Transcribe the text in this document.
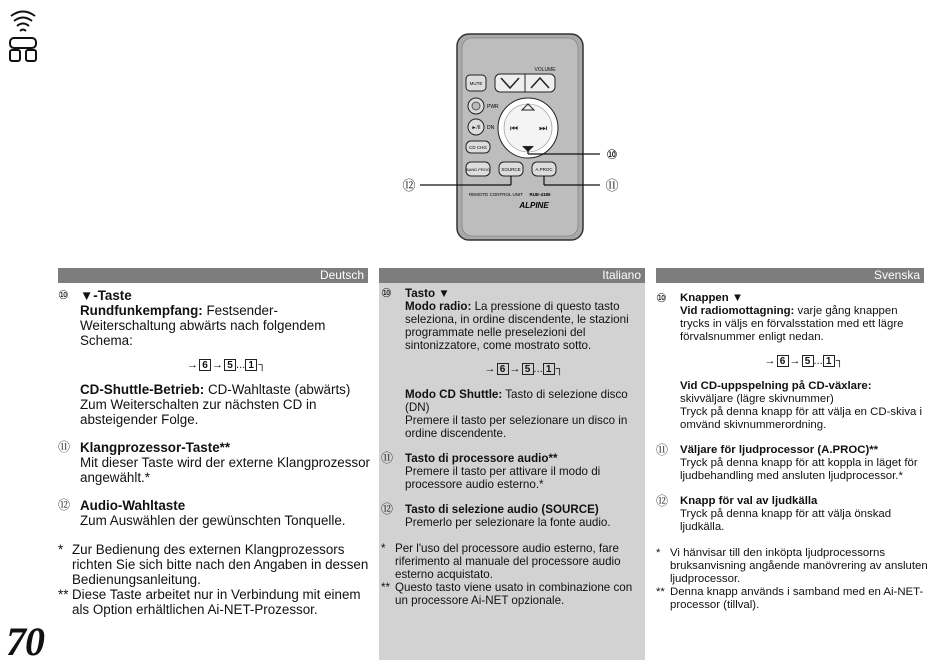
VOLUME
MUTE
PWR
►/II DN ⏮ ⏭
CD CHG
BAND PROG	SOURCE	A.PROC
REMOTE CONTROL UNIT RUE-4185
ALPINE
⑩
⑪
⑫
Deutsch	Italiano	Svenska
⑩ ▼-Taste
Rundfunkempfang: Festsender-Weiterschaltung abwärts nach folgendem Schema:
→ 6 → 5 ... 1 ┐
CD-Shuttle-Betrieb: CD-Wahltaste (abwärts) Zum Weiterschalten zur nächsten CD in absteigender Folge.
⑪ Klangprozessor-Taste**
Mit dieser Taste wird der externe Klangprozessor angewählt.*
⑫ Audio-Wahltaste
Zum Auswählen der gewünschten Tonquelle.
* Zur Bedienung des externen Klangprozessors richten Sie sich bitte nach den Angaben in dessen Bedienungsanleitung.
** Diese Taste arbeitet nur in Verbindung mit einem als Option erhältlichen Ai-NET-Prozessor.
⑩ Tasto ▼
Modo radio: La pressione di questo tasto seleziona, in ordine discendente, le stazioni programmate nelle preselezioni del sintonizzatore, come mostrato sotto.
→ 6 → 5 ... 1 ┐
Modo CD Shuttle: Tasto di selezione disco (DN)
Premere il tasto per selezionare un disco in ordine discendente.
⑪ Tasto di processore audio**
Premere il tasto per attivare il modo di processore audio esterno.*
⑫ Tasto di selezione audio (SOURCE)
Premerlo per selezionare la fonte audio.
* Per l'uso del processore audio esterno, fare riferimento al manuale del processore audio esterno acquistato.
** Questo tasto viene usato in combinazione con un processore Ai-NET opzionale.
⑩ Knappen ▼
Vid radiomottagning: varje gång knappen trycks in väljs en förvalsstation med ett lägre förvalsnummer enligt nedan.
→ 6 → 5 ... 1 ┐
Vid CD-uppspelning på CD-växlare:
skivväljare (lägre skivnummer)
Tryck på denna knapp för att välja en CD-skiva i omvänd skivnummerordning.
⑪ Väljare för ljudprocessor (A.PROC)**
Tryck på denna knapp för att koppla in läget för ljudbehandling med ansluten ljudprocessor.*
⑫ Knapp för val av ljudkälla
Tryck på denna knapp för att välja önskad ljudkälla.
* Vi hänvisar till den inköpta ljudprocessorns bruksanvisning angående manövrering av ansluten ljudprocessor.
** Denna knapp används i samband med en Ai-NET-processor (tillval).
70
